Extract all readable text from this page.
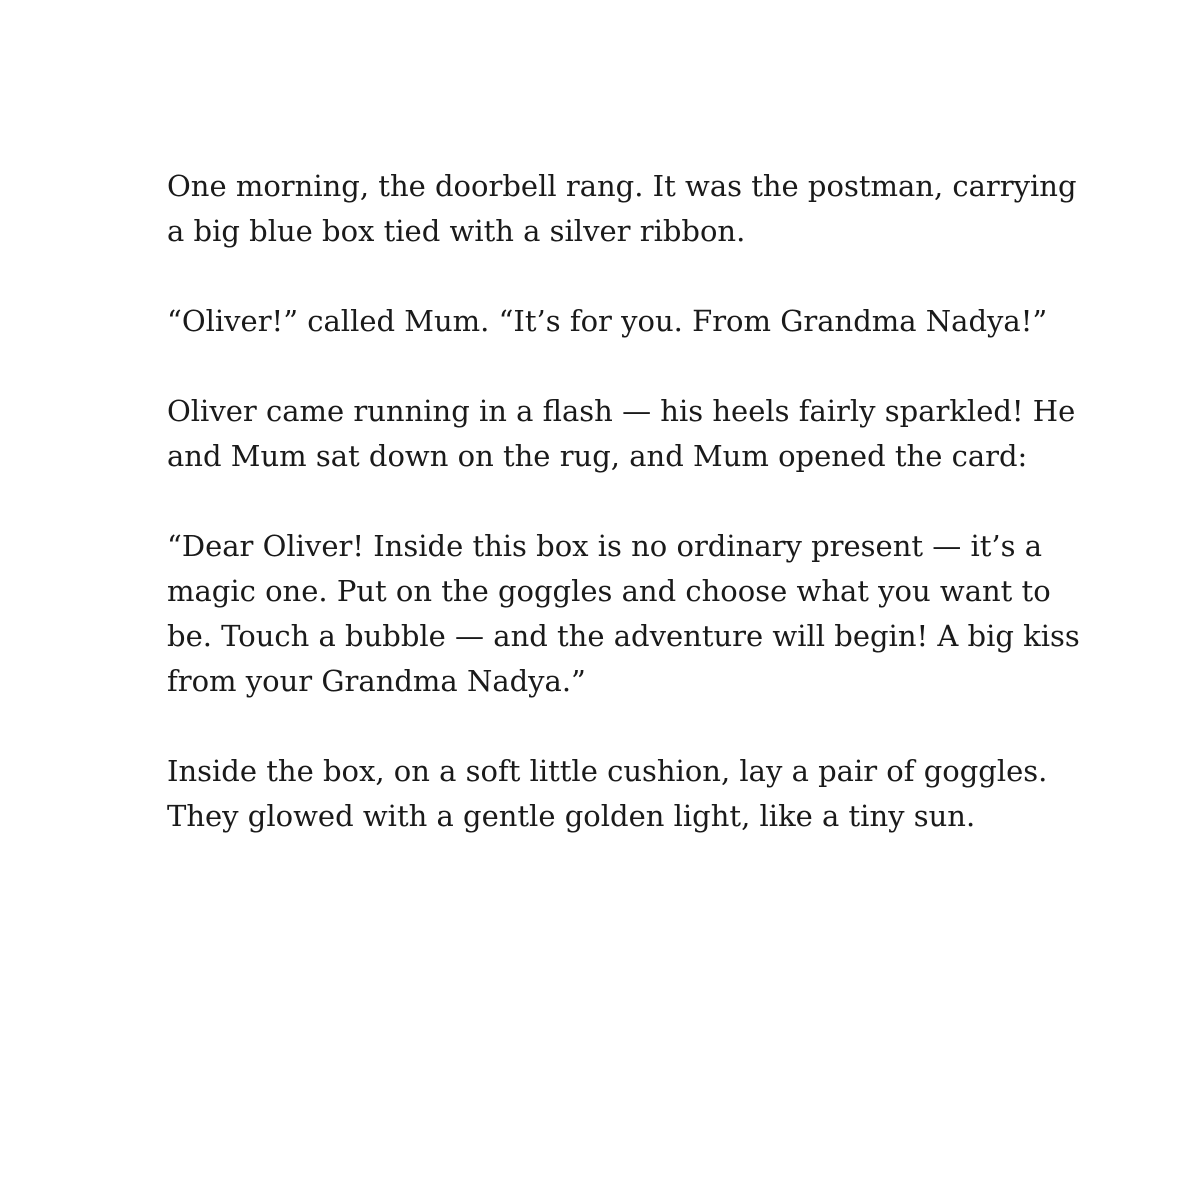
One morning, the doorbell rang. It was the postman, carrying
a big blue box tied with a silver ribbon.

“Oliver!” called Mum. “It’s for you. From Grandma Nadya!”

Oliver came running in a flash — his heels fairly sparkled! He
and Mum sat down on the rug, and Mum opened the card:

“Dear Oliver! Inside this box is no ordinary present — it’s a
magic one. Put on the goggles and choose what you want to
be. Touch a bubble — and the adventure will begin! A big kiss
from your Grandma Nadya.”

Inside the box, on a soft little cushion, lay a pair of goggles.
They glowed with a gentle golden light, like a tiny sun.
